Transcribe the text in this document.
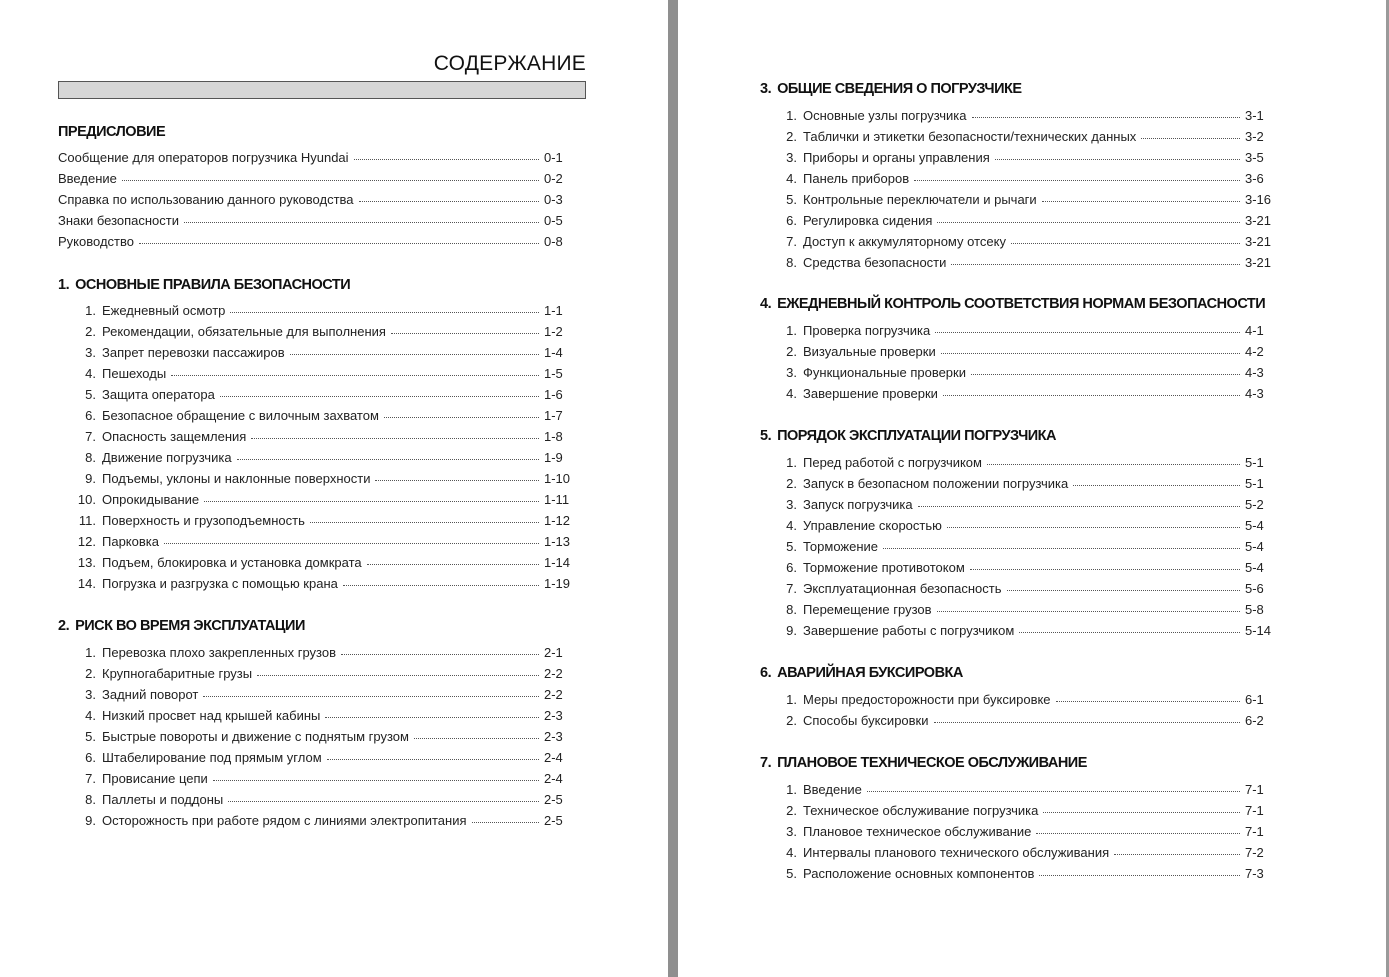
СОДЕРЖАНИЕ
ПРЕДИСЛОВИЕ
Сообщение для операторов погрузчика Hyundai	0-1
Введение	0-2
Справка по использованию данного руководства	0-3
Знаки безопасности	0-5
Руководство	0-8
1. ОСНОВНЫЕ ПРАВИЛА БЕЗОПАСНОСТИ
1. Ежедневный осмотр	1-1
2. Рекомендации, обязательные для выполнения	1-2
3. Запрет перевозки пассажиров	1-4
4. Пешеходы	1-5
5. Защита оператора	1-6
6. Безопасное обращение с вилочным захватом	1-7
7. Опасность защемления	1-8
8. Движение погрузчика	1-9
9. Подъемы, уклоны и наклонные поверхности	1-10
10. Опрокидывание	1-11
11. Поверхность и грузоподъемность	1-12
12. Парковка	1-13
13. Подъем, блокировка и установка домкрата	1-14
14. Погрузка и разгрузка с помощью крана	1-19
2. РИСК ВО ВРЕМЯ ЭКСПЛУАТАЦИИ
1. Перевозка плохо закрепленных грузов	2-1
2. Крупногабаритные грузы	2-2
3. Задний поворот	2-2
4. Низкий просвет над крышей кабины	2-3
5. Быстрые повороты и движение с поднятым грузом	2-3
6. Штабелирование под прямым углом	2-4
7. Провисание цепи	2-4
8. Паллеты и поддоны	2-5
9. Осторожность при работе рядом с линиями электропитания	2-5
3. ОБЩИЕ СВЕДЕНИЯ О ПОГРУЗЧИКЕ
1. Основные узлы погрузчика	3-1
2. Таблички и этикетки безопасности/технических данных	3-2
3. Приборы и органы управления	3-5
4. Панель приборов	3-6
5. Контрольные переключатели и рычаги	3-16
6. Регулировка сидения	3-21
7. Доступ к аккумуляторному отсеку	3-21
8. Средства безопасности	3-21
4. ЕЖЕДНЕВНЫЙ КОНТРОЛЬ СООТВЕТСТВИЯ НОРМАМ БЕЗОПАСНОСТИ
1. Проверка погрузчика	4-1
2. Визуальные проверки	4-2
3. Функциональные проверки	4-3
4. Завершение проверки	4-3
5. ПОРЯДОК ЭКСПЛУАТАЦИИ ПОГРУЗЧИКА
1. Перед работой с погрузчиком	5-1
2. Запуск в безопасном положении погрузчика	5-1
3. Запуск погрузчика	5-2
4. Управление скоростью	5-4
5. Торможение	5-4
6. Торможение противотоком	5-4
7. Эксплуатационная безопасность	5-6
8. Перемещение грузов	5-8
9. Завершение работы с погрузчиком	5-14
6. АВАРИЙНАЯ БУКСИРОВКА
1. Меры предосторожности при буксировке	6-1
2. Способы буксировки	6-2
7. ПЛАНОВОЕ ТЕХНИЧЕСКОЕ ОБСЛУЖИВАНИЕ
1. Введение	7-1
2. Техническое обслуживание погрузчика	7-1
3. Плановое техническое обслуживание	7-1
4. Интервалы планового технического обслуживания	7-2
5. Расположение основных компонентов	7-3
